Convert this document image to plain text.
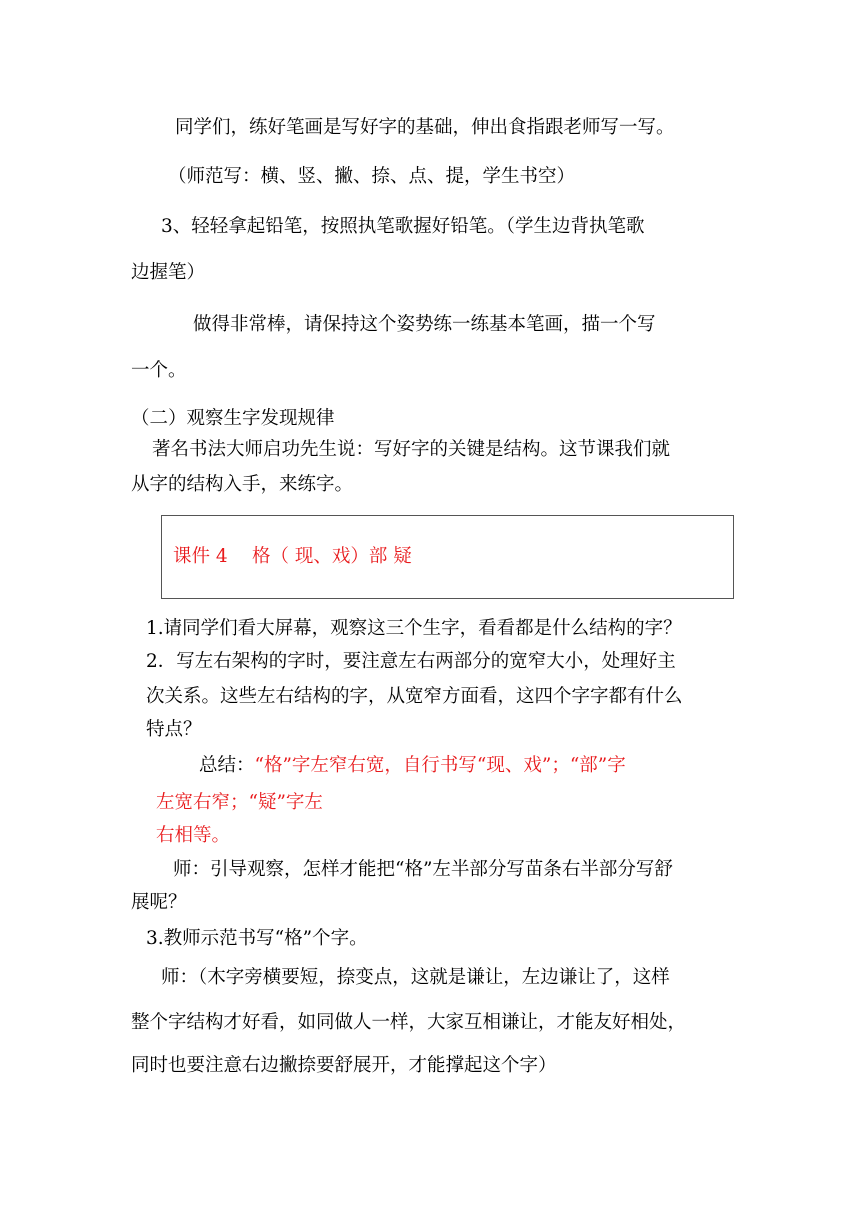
同学们，练好笔画是写好字的基础，伸出食指跟老师写一写。
（师范写：横、竖、撇、捺、点、提，学生书空）
3、轻轻拿起铅笔，按照执笔歌握好铅笔。（学生边背执笔歌
边握笔）
做得非常棒，请保持这个姿势练一练基本笔画，描一个写
一个。
（二）观察生字发现规律
著名书法大师启功先生说：写好字的关键是结构。这节课我们就
从字的结构入手，来练字。
课件 4　 格（ 现、戏）部 疑
1.请同学们看大屏幕，观察这三个生字，看看都是什么结构的字？
2．写左右架构的字时，要注意左右两部分的宽窄大小，处理好主
次关系。这些左右结构的字，从宽窄方面看，这四个字字都有什么
特点？
总结：“格”字左窄右宽，自行书写“现、戏”；“部”字
左宽右窄；“疑”字左
右相等。
师：引导观察，怎样才能把“格”左半部分写苗条右半部分写舒
展呢？
3.教师示范书写“格”个字。
师：（木字旁横要短，捺变点，这就是谦让，左边谦让了，这样
整个字结构才好看，如同做人一样，大家互相谦让，才能友好相处，
同时也要注意右边撇捺要舒展开，才能撑起这个字）
